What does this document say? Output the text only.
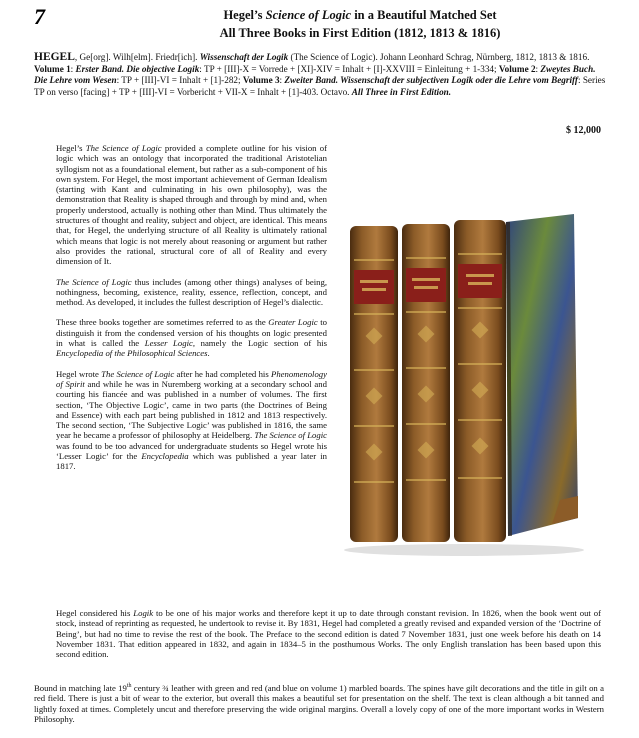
7	Hegel’s Science of Logic in a Beautiful Matched Set
All Three Books in First Edition (1812, 1813 & 1816)
HEGEL, Ge[org]. Wilh[elm]. Friedr[ich]. Wissenschaft der Logik (The Science of Logic). Johann Leonhard Schrag, Nürnberg, 1812, 1813 & 1816. Volume 1: Erster Band. Die objective Logik: TP + [III]-X = Vorrede + [XI]-XIV = Inhalt + [I]-XXVIII = Einleitung + 1-334; Volume 2: Zweytes Buch. Die Lehre vom Wesen: TP + [III]-VI = Inhalt + [1]-282; Volume 3: Zweiter Band. Wissenschaft der subjectiven Logik oder die Lehre vom Begriff: Series TP on verso [facing] + TP + [III]-VI = Vorbericht + VII-X = Inhalt + [1]-403. Octavo. All Three in First Edition.
$ 12,000

Hegel’s The Science of Logic provided a complete outline for his vision of logic which was an ontology that incorporated the traditional Aristotelian syllogism not as a foundational element, but rather as a sub-component of his own system. For Hegel, the most important achievement of German Idealism (starting with Kant and culminating in his own philosophy), was the demonstration that Reality is shaped through and through by mind and, when properly understood, actually is nothing other than Mind. Thus ultimately the structures of thought and reality, subject and object, are identical. This means that, for Hegel, the underlying structure of all Reality is ultimately rational which means that logic is not merely about reasoning or argument but rather also provides the rational, structural core of all of Reality and every dimension of It.

The Science of Logic thus includes (among other things) analyses of being, nothingness, becoming, existence, reality, essence, reflection, concept, and method. As developed, it includes the fullest description of Hegel’s dialectic.

These three books together are sometimes referred to as the Greater Logic to distinguish it from the condensed version of his thoughts on logic presented in what is called the Lesser Logic, namely the Logic section of his Encyclopedia of the Philosophical Sciences.

Hegel wrote The Science of Logic after he had completed his Phenomenology of Spirit and while he was in Nuremberg working at a secondary school and courting his fiancée and was published in a number of volumes. The first section, ‘The Objective Logic’, came in two parts (the Doctrines of Being and Essence) with each part being published in 1812 and 1813 respectively. The second section, ‘The Subjective Logic’ was published in 1816, the same year he became a professor of philosophy at Heidelberg. The Science of Logic was found to be too advanced for undergraduate students so Hegel wrote his ‘Lesser Logic’ for the Encyclopedia which was published a year later in 1817.

Hegel considered his Logik to be one of his major works and therefore kept it up to date through constant revision. In 1826, when the book went out of stock, instead of reprinting as requested, he undertook to revise it. By 1831, Hegel had completed a greatly revised and expanded version of the ‘Doctrine of Being’, but had no time to revise the rest of the book. The Preface to the second edition is dated 7 November 1831, just one week before his death on 14 November 1831. That edition appeared in 1832, and again in 1834–5 in the posthumous Works. The only English translation has been based upon this second edition.
Bound in matching late 19th century ¾ leather with green and red (and blue on volume 1) marbled boards. The spines have gilt decorations and the title in gilt on a red field. There is just a bit of wear to the exterior, but overall this makes a beautiful set for presentation on the shelf. The text is clean although a bit tanned and lightly foxed at times. Completely uncut and therefore preserving the wide original margins. Overall a lovely copy of one of the more important works in Western Philosophy.
